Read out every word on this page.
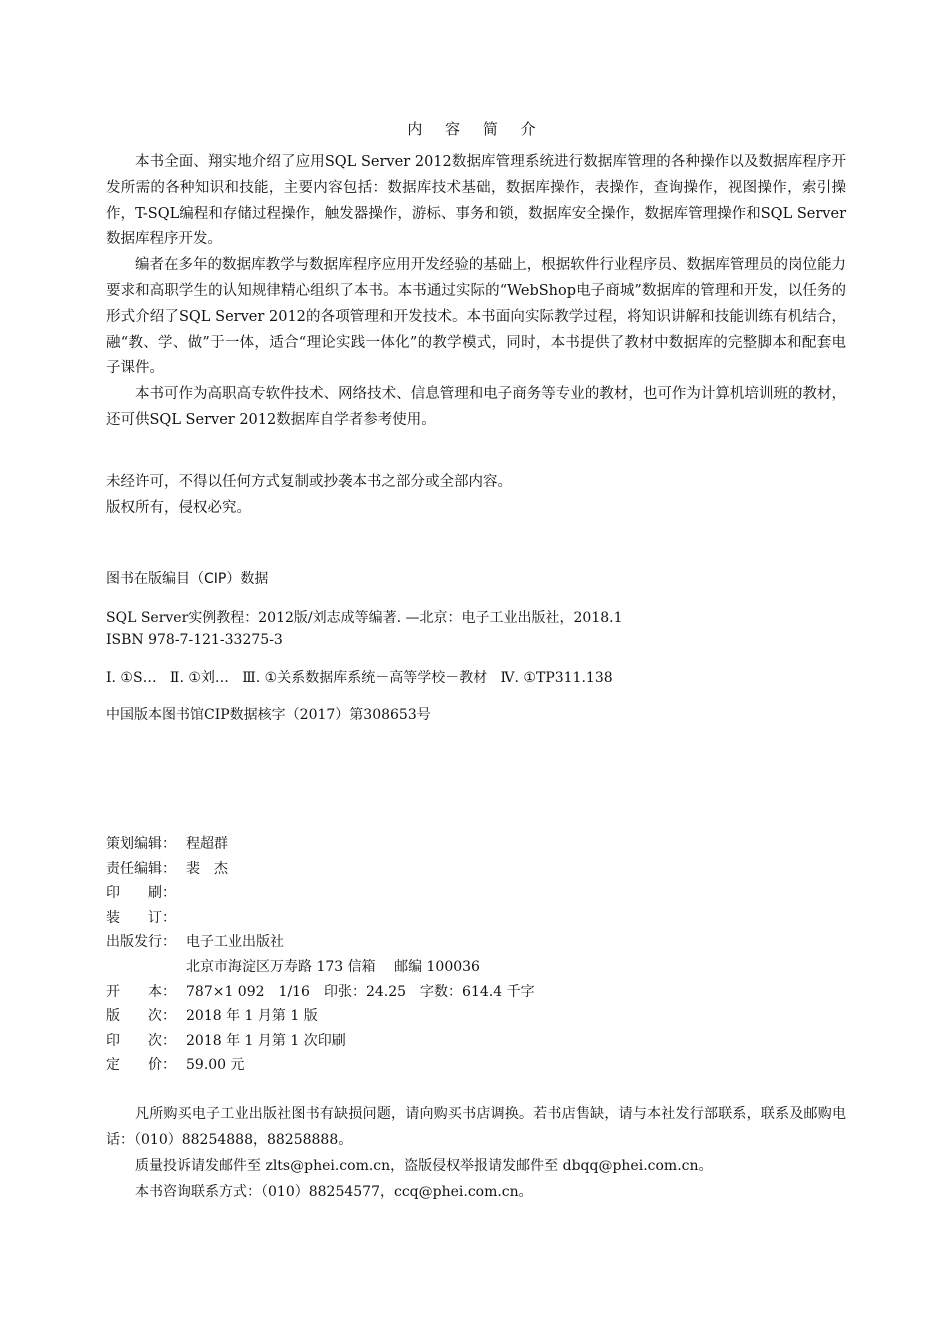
内 容 简 介

本书全面、翔实地介绍了应用SQL Server 2012数据库管理系统进行数据库管理的各种操作以及数据库程序开发所需的各种知识和技能，主要内容包括：数据库技术基础，数据库操作，表操作，查询操作，视图操作，索引操作，T-SQL编程和存储过程操作，触发器操作，游标、事务和锁，数据库安全操作，数据库管理操作和SQL Server数据库程序开发。

编者在多年的数据库教学与数据库程序应用开发经验的基础上，根据软件行业程序员、数据库管理员的岗位能力要求和高职学生的认知规律精心组织了本书。本书通过实际的“WebShop电子商城”数据库的管理和开发，以任务的形式介绍了SQL Server 2012的各项管理和开发技术。本书面向实际教学过程，将知识讲解和技能训练有机结合，融“教、学、做”于一体，适合“理论实践一体化”的教学模式，同时，本书提供了教材中数据库的完整脚本和配套电子课件。

本书可作为高职高专软件技术、网络技术、信息管理和电子商务等专业的教材，也可作为计算机培训班的教材，还可供SQL Server 2012数据库自学者参考使用。

未经许可，不得以任何方式复制或抄袭本书之部分或全部内容。
版权所有，侵权必究。
图书在版编目（CIP）数据
SQL Server实例教程：2012版/刘志成等编著. —北京：电子工业出版社，2018.1
ISBN 978-7-121-33275-3
Ⅰ. ①S…   Ⅱ. ①刘…   Ⅲ. ①关系数据库系统－高等学校－教材   Ⅳ. ①TP311.138
中国版本图书馆CIP数据核字（2017）第308653号
策划编辑： 程超群
责任编辑： 裴　杰
印　　刷：
装　　订：
出版发行： 电子工业出版社
北京市海淀区万寿路 173 信箱　 邮编 100036
开　　本： 787×1 092　1/16　印张：24.25　字数：614.4 千字
版　　次： 2018 年 1 月第 1 版
印　　次： 2018 年 1 月第 1 次印刷
定　　价： 59.00 元

凡所购买电子工业出版社图书有缺损问题，请向购买书店调换。若书店售缺，请与本社发行部联系，联系及邮购电话：（010）88254888，88258888。

质量投诉请发邮件至 zlts@phei.com.cn，盗版侵权举报请发邮件至 dbqq@phei.com.cn。

本书咨询联系方式：（010）88254577，ccq@phei.com.cn。
